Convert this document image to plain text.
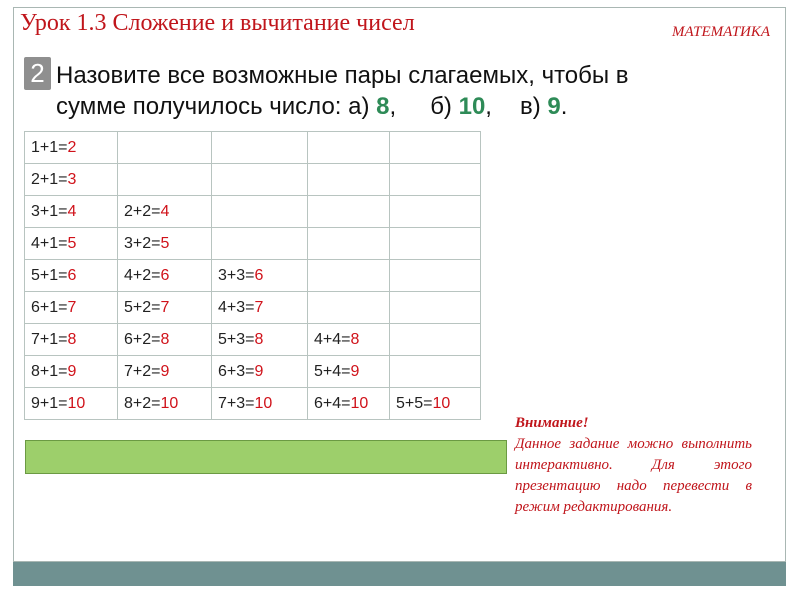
Урок 1.3 Сложение и вычитание чисел	МАТЕМАТИКА
2 Назовите все возможные пары слагаемых, чтобы в
сумме получилось число: а) 8, б) 10, в) 9.
1+1=2				
2+1=3				
3+1=4	2+2=4			
4+1=5	3+2=5			
5+1=6	4+2=6	3+3=6		
6+1=7	5+2=7	4+3=7		
7+1=8	6+2=8	5+3=8	4+4=8	
8+1=9	7+2=9	6+3=9	5+4=9	
9+1=10	8+2=10	7+3=10	6+4=10	5+5=10
Внимание!
Данное задание можно выполнить интерактивно. Для этого презентацию надо перевести в режим редактирования.
